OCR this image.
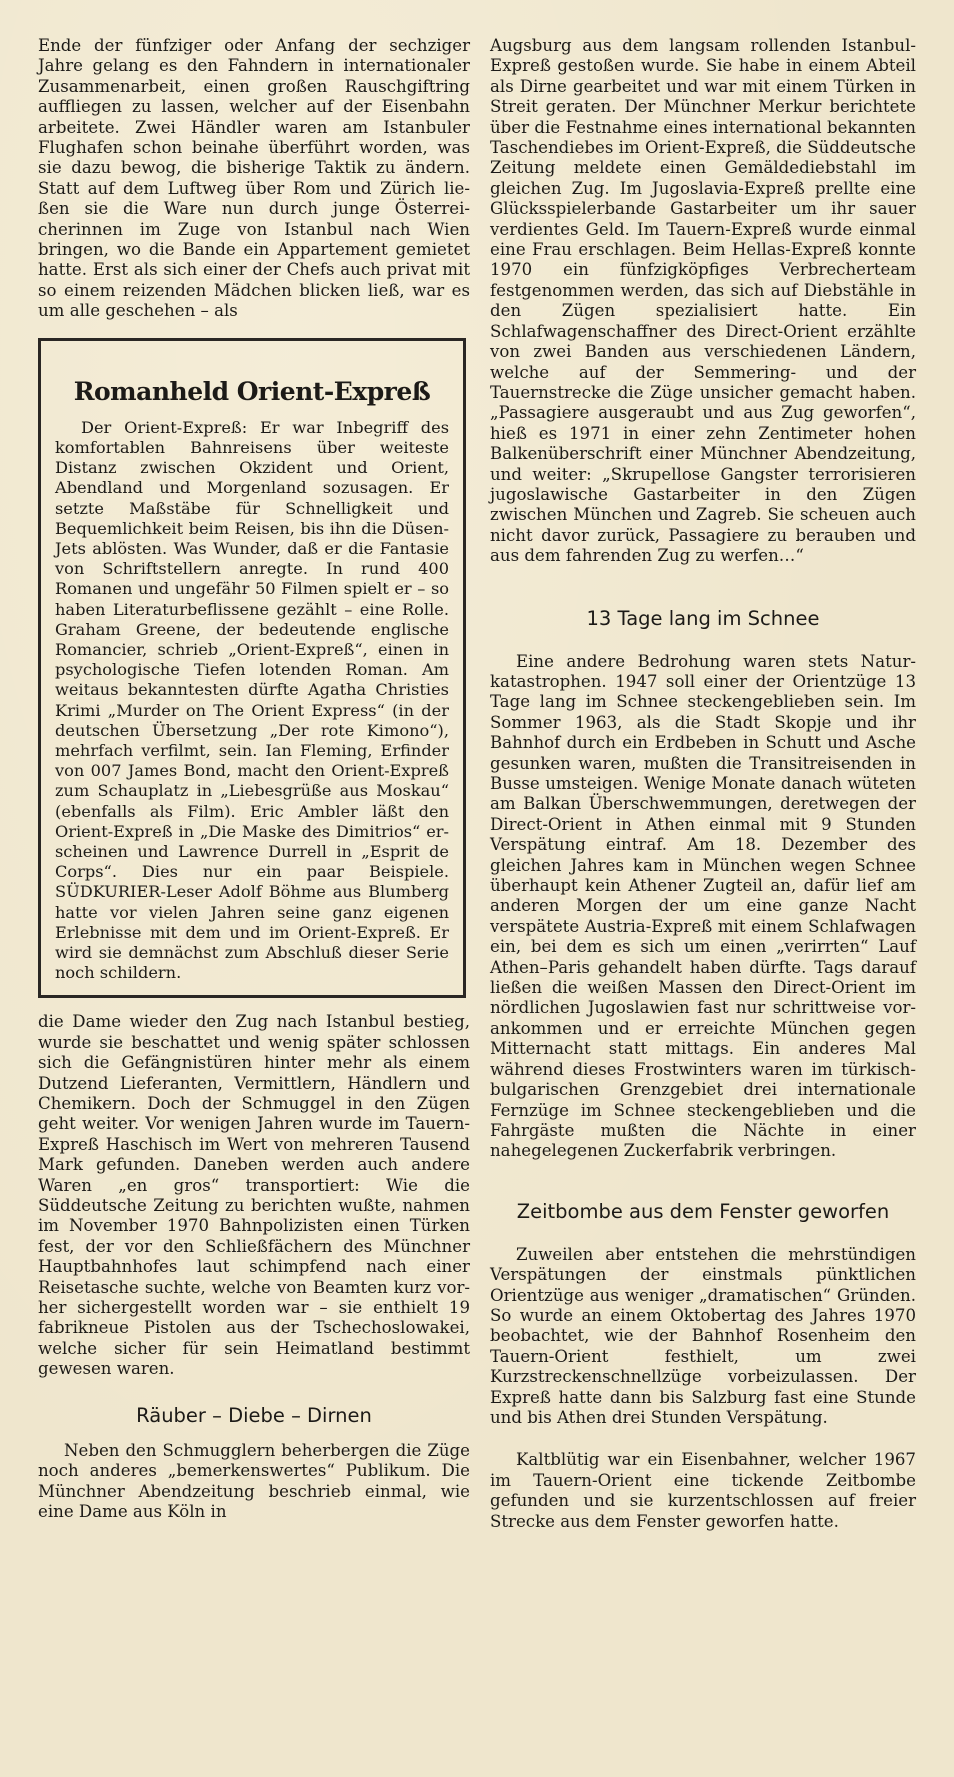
Ende der fünfziger oder Anfang der sechziger Jahre gelang es den Fahndern in internationaler Zusammenarbeit, einen großen Rauschgiftring auffliegen zu lassen, welcher auf der Eisenbahn arbeitete. Zwei Händler waren am Istanbuler Flughafen schon beinahe überführt worden, was sie dazu bewog, die bisherige Taktik zu ändern. Statt auf dem Luftweg über Rom und Zürich ließen sie die Ware nun durch junge Österreicherinnen im Zuge von Istanbul nach Wien bringen, wo die Bande ein Appartement gemietet hatte. Erst als sich einer der Chefs auch privat mit so einem reizenden Mädchen blicken ließ, war es um alle geschehen – als

Romanheld Orient-Expreß

Der Orient-Expreß: Er war Inbegriff des komfortablen Bahnreisens über weiteste Distanz zwischen Okzident und Orient, Abendland und Morgenland sozusagen. Er setzte Maßstäbe für Schnelligkeit und Bequemlichkeit beim Reisen, bis ihn die Düsen-Jets ablösten. Was Wunder, daß er die Fantasie von Schriftstellern anregte. In rund 400 Romanen und ungefähr 50 Filmen spielt er – so haben Literaturbeflissene gezählt – eine Rolle. Graham Greene, der bedeutende englische Romancier, schrieb „Orient-Expreß“, einen in psychologische Tiefen lotenden Roman. Am weitaus bekanntesten dürfte Agatha Christies Krimi „Murder on The Orient Express“ (in der deutschen Übersetzung „Der rote Kimono“), mehrfach verfilmt, sein. Ian Fleming, Erfinder von 007 James Bond, macht den Orient-Expreß zum Schauplatz in „Liebesgrüße aus Moskau“ (ebenfalls als Film). Eric Ambler läßt den Orient-Expreß in „Die Maske des Dimitrios“ erscheinen und Lawrence Durrell in „Esprit de Corps“. Dies nur ein paar Beispiele. SÜDKURIER-Leser Adolf Böhme aus Blumberg hatte vor vielen Jahren seine ganz eigenen Erlebnisse mit dem und im Orient-Expreß. Er wird sie demnächst zum Abschluß dieser Serie noch schildern.

die Dame wieder den Zug nach Istanbul bestieg, wurde sie beschattet und wenig später schlossen sich die Gefängnistüren hinter mehr als einem Dutzend Lieferanten, Vermittlern, Händlern und Chemikern. Doch der Schmuggel in den Zügen geht weiter. Vor wenigen Jahren wurde im Tauern-Expreß Haschisch im Wert von mehreren Tausend Mark gefunden. Daneben werden auch andere Waren „en gros“ transportiert: Wie die Süddeutsche Zeitung zu berichten wußte, nahmen im November 1970 Bahnpolizisten einen Türken fest, der vor den Schließfächern des Münchner Hauptbahnhofes laut schimpfend nach einer Reisetasche suchte, welche von Beamten kurz vorher sichergestellt worden war – sie enthielt 19 fabrikneue Pistolen aus der Tschechoslowakei, welche sicher für sein Heimatland bestimmt gewesen waren.

Räuber – Diebe – Dirnen

Neben den Schmugglern beherbergen die Züge noch anderes „bemerkenswertes“ Publikum. Die Münchner Abendzeitung beschrieb einmal, wie eine Dame aus Köln in

Augsburg aus dem langsam rollenden Istanbul-Expreß gestoßen wurde. Sie habe in einem Abteil als Dirne gearbeitet und war mit einem Türken in Streit geraten. Der Münchner Merkur berichtete über die Festnahme eines international bekannten Taschendiebes im Orient-Expreß, die Süddeutsche Zeitung meldete einen Gemäldediebstahl im gleichen Zug. Im Jugoslavia-Expreß prellte eine Glücksspielerbande Gastarbeiter um ihr sauer verdientes Geld. Im Tauern-Expreß wurde einmal eine Frau erschlagen. Beim Hellas-Expreß konnte 1970 ein fünfzigköpfiges Verbrecherteam festgenommen werden, das sich auf Diebstähle in den Zügen spezialisiert hatte. Ein Schlafwagenschaffner des Direct-Orient erzählte von zwei Banden aus verschiedenen Ländern, welche auf der Semmering- und der Tauernstrecke die Züge unsicher gemacht haben. „Passagiere ausgeraubt und aus Zug geworfen“, hieß es 1971 in einer zehn Zentimeter hohen Balkenüberschrift einer Münchner Abendzeitung, und weiter: „Skrupellose Gangster terrorisieren jugoslawische Gastarbeiter in den Zügen zwischen München und Zagreb. Sie scheuen auch nicht davor zurück, Passagiere zu berauben und aus dem fahrenden Zug zu werfen…“

13 Tage lang im Schnee

Eine andere Bedrohung waren stets Naturkatastrophen. 1947 soll einer der Orientzüge 13 Tage lang im Schnee steckengeblieben sein. Im Sommer 1963, als die Stadt Skopje und ihr Bahnhof durch ein Erdbeben in Schutt und Asche gesunken waren, mußten die Transitreisenden in Busse umsteigen. Wenige Monate danach wüteten am Balkan Überschwemmungen, deretwegen der Direct-Orient in Athen einmal mit 9 Stunden Verspätung eintraf. Am 18. Dezember des gleichen Jahres kam in München wegen Schnee überhaupt kein Athener Zugteil an, dafür lief am anderen Morgen der um eine ganze Nacht verspätete Austria-Expreß mit einem Schlafwagen ein, bei dem es sich um einen „verirrten“ Lauf Athen–Paris gehandelt haben dürfte. Tags darauf ließen die weißen Massen den Direct-Orient im nördlichen Jugoslawien fast nur schrittweise vorankommen und er erreichte München gegen Mitternacht statt mittags. Ein anderes Mal während dieses Frostwinters waren im türkisch-bulgarischen Grenzgebiet drei internationale Fernzüge im Schnee steckengeblieben und die Fahrgäste mußten die Nächte in einer nahegelegenen Zuckerfabrik verbringen.

Zeitbombe aus dem Fenster geworfen

Zuweilen aber entstehen die mehrstündigen Verspätungen der einstmals pünktlichen Orientzüge aus weniger „dramatischen“ Gründen. So wurde an einem Oktobertag des Jahres 1970 beobachtet, wie der Bahnhof Rosenheim den Tauern-Orient festhielt, um zwei Kurzstreckenschnellzüge vorbeizulassen. Der Expreß hatte dann bis Salzburg fast eine Stunde und bis Athen drei Stunden Verspätung.

Kaltblütig war ein Eisenbahner, welcher 1967 im Tauern-Orient eine tickende Zeitbombe gefunden und sie kurzentschlossen auf freier Strecke aus dem Fenster geworfen hatte.
